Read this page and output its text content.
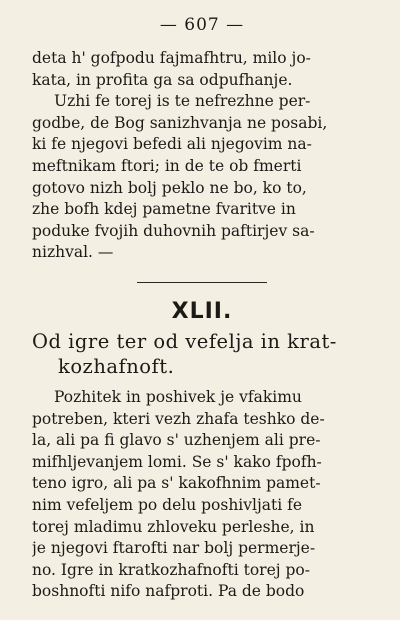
— 607 —
deta h' gofpodu fajmafhtru, milo jo-
kata, in profita ga sa odpufhanje.
Uzhi fe torej is te nefrezhne per-
godbe, de Bog sanizhvanja ne posabi,
ki fe njegovi befedi ali njegovim na-
meftnikam ftori; in de te ob fmerti
gotovo nizh bolj peklo ne bo, ko to,
zhe bofh kdej pametne fvaritve in
poduke fvojih duhovnih paftirjev sa-
nizhval. —
XLII.
Od igre ter od vefelja in krat-
kozhafnoft.
Pozhitek in poshivek je vfakimu
potreben, kteri vezh zhafa teshko de-
la, ali pa fi glavo s' uzhenjem ali pre-
mifhljevanjem lomi. Se s' kako fpofh-
teno igro, ali pa s' kakofhnim pamet-
nim vefeljem po delu poshivljati fe
torej mladimu zhloveku perleshe, in
je njegovi ftarofti nar bolj permerje-
no. Igre in kratkozhafnofti torej po-
boshnofti nifo nafproti. Pa de bodo
